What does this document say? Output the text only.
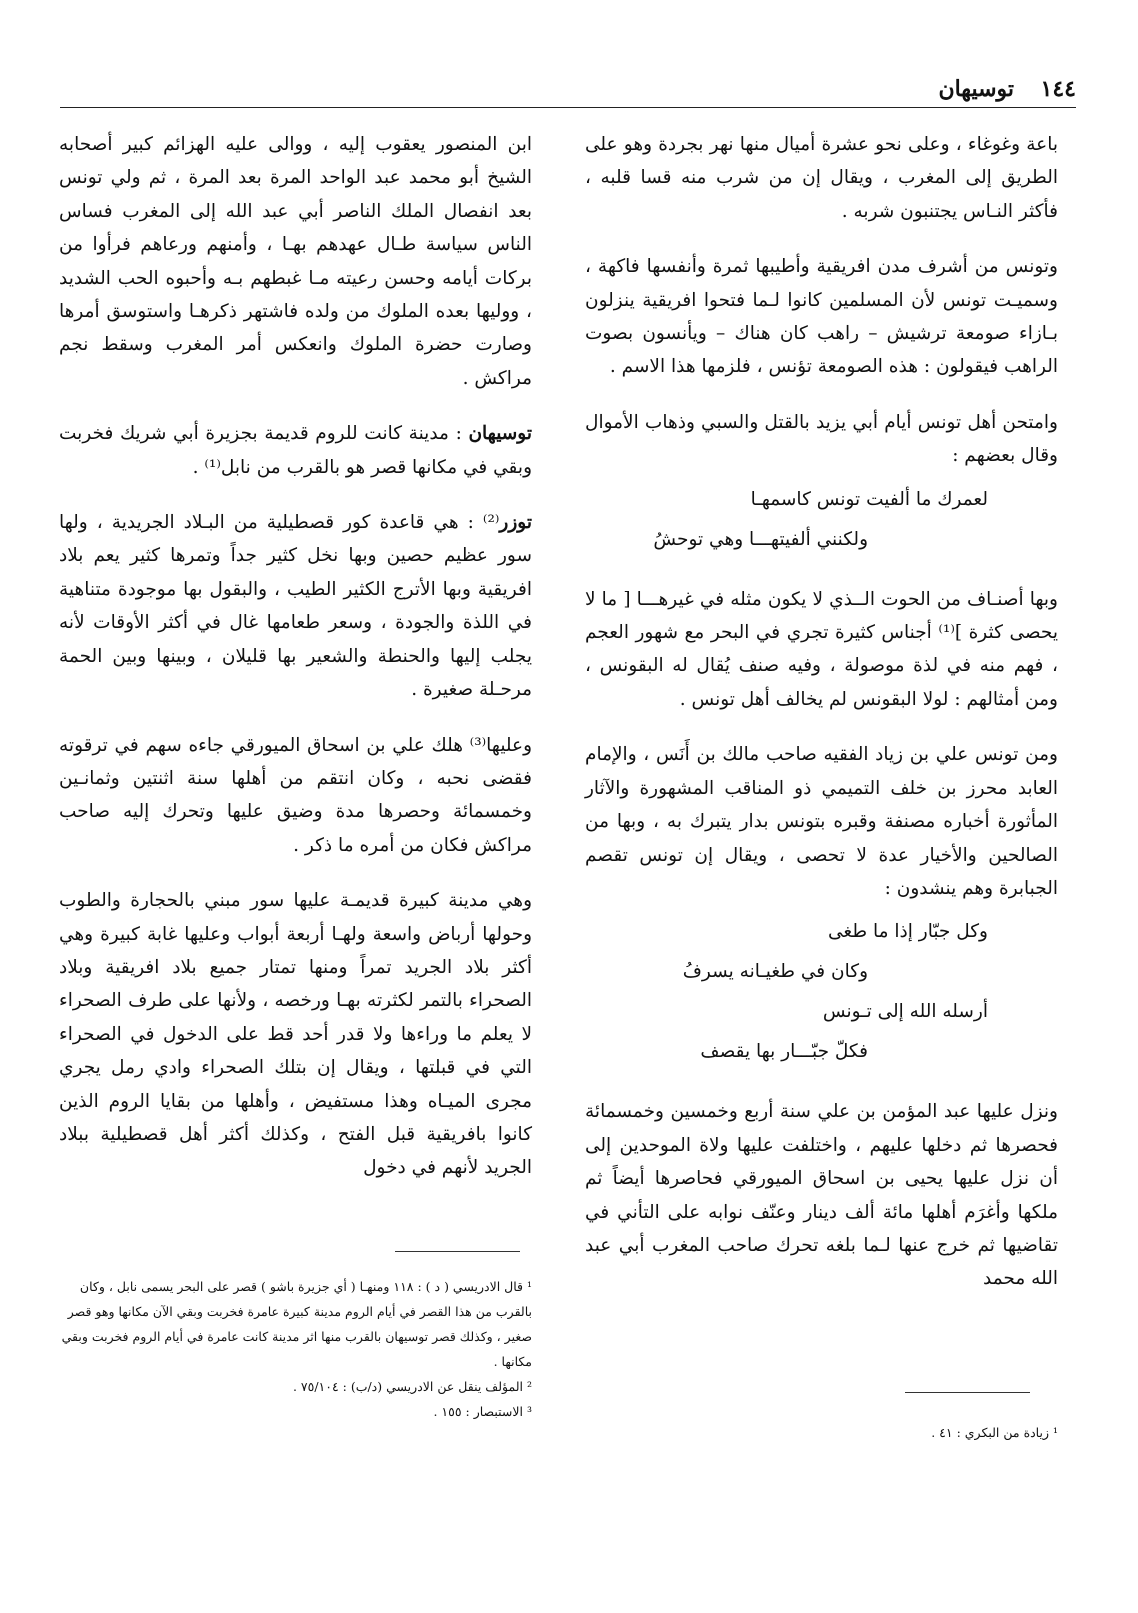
١٤٤
توسيهان

باعة وغوغاء ، وعلى نحو عشرة أميال منها نهر بجردة وهو على الطريق إلى المغرب ، ويقال إن من شرب منه قسا قلبه ، فأكثر النـاس يجتنبون شربه .

وتونس من أشرف مدن افريقية وأطيبها ثمرة وأنفسها فاكهة ، وسميـت تونس لأن المسلمين كانوا لـما فتحوا افريقية ينزلون بـازاء صومعة ترشيش – راهب كان هناك – ويأنسون بصوت الراهب فيقولون : هذه الصومعة تؤنس ، فلزمها هذا الاسم .

وامتحن أهل تونس أيام أبي يزيد بالقتل والسبي وذهاب الأموال وقال بعضهم :

لعمرك ما ألفيت تونس كاسمهـا
ولكنني ألفيتهـــا وهي توحشُ

وبها أصنـاف من الحوت الــذي لا يكون مثله في غيرهـــا [ ما لا يحصى كثرة ]⁽¹⁾ أجناس كثيرة تجري في البحر مع شهور العجم ، فهم منه في لذة موصولة ، وفيه صنف يُقال له البقونس ، ومن أمثالهم : لولا البقونس لم يخالف أهل تونس .

ومن تونس علي بن زياد الفقيه صاحب مالك بن أَنَس ، والإمام العابد محرز بن خلف التميمي ذو المناقب المشهورة والآثار المأثورة أخباره مصنفة وقبره بتونس بدار يتبرك به ، وبها من الصالحين والأخيار عدة لا تحصى ، ويقال إن تونس تقصم الجبابرة وهم ينشدون :

وكل جبّار إذا ما طغى
وكان في طغيـانه يسرفُ
أرسله الله إلى تـونس
فكلّ جبّـــار بها يقصف

ونزل عليها عبد المؤمن بن علي سنة أربع وخمسين وخمسمائة فحصرها ثم دخلها عليهم ، واختلفت عليها ولاة الموحدين إلى أن نزل عليها يحيى بن اسحاق الميورقي فحاصرها أيضاً ثم ملكها وأغرَم أهلها مائة ألف دينار وعنّف نوابه على التأني في تقاضيها ثم خرج عنها لـما بلغه تحرك صاحب المغرب أبي عبد الله محمد

ابن المنصور يعقوب إليه ، ووالى عليه الهزائم كبير أصحابه الشيخ أبو محمد عبد الواحد المرة بعد المرة ، ثم ولي تونس بعد انفصال الملك الناصر أبي عبد الله إلى المغرب فساس الناس سياسة طـال عهدهم بهـا ، وأمنهم ورعاهم فرأوا من بركات أيامه وحسن رعيته مـا غبطهم بـه وأحبوه الحب الشديد ، ووليها بعده الملوك من ولده فاشتهر ذكرهـا واستوسق أمرها وصارت حضرة الملوك وانعكس أمر المغرب وسقط نجم مراكش .

توسيهان : مدينة كانت للروم قديمة بجزيرة أبي شريك فخربت وبقي في مكانها قصر هو بالقرب من نابل⁽¹⁾ .

توزر⁽²⁾ : هي قاعدة كور قصطيلية من البـلاد الجريدية ، ولها سور عظيم حصين وبها نخل كثير جداً وتمرها كثير يعم بلاد افريقية وبها الأترج الكثير الطيب ، والبقول بها موجودة متناهية في اللذة والجودة ، وسعر طعامها غال في أكثر الأوقات لأنه يجلب إليها والحنطة والشعير بها قليلان ، وبينها وبين الحمة مرحـلة صغيرة .

وعليها⁽³⁾ هلك علي بن اسحاق الميورقي جاءه سهم في ترقوته فقضى نحبه ، وكان انتقم من أهلها سنة اثنتين وثمانـين وخمسمائة وحصرها مدة وضيق عليها وتحرك إليه صاحب مراكش فكان من أمره ما ذكر .

وهي مدينة كبيرة قديمـة عليها سور مبني بالحجارة والطوب وحولها أرباض واسعة ولهـا أربعة أبواب وعليها غابة كبيرة وهي أكثر بلاد الجريد تمراً ومنها تمتار جميع بلاد افريقية وبلاد الصحراء بالتمر لكثرته بهـا ورخصه ، ولأنها على طرف الصحراء لا يعلم ما وراءها ولا قدر أحد قط على الدخول في الصحراء التي في قبلتها ، ويقال إن بتلك الصحراء وادي رمل يجري مجرى الميـاه وهذا مستفيض ، وأهلها من بقايا الروم الذين كانوا بافريقية قبل الفتح ، وكذلك أكثر أهل قصطيلية ببلاد الجريد لأنهم في دخول

¹ قال الادريسي ( د ) : ١١٨ ومنهـا ( أي جزيرة باشو ) قصر على البحر يسمى نابل ، وكان بالقرب من هذا القصر في أيام الروم مدينة كبيرة عامرة فخربت وبقي الآن مكانها وهو قصر صغير ، وكذلك قصر توسيهان بالقرب منها اثر مدينة كانت عامرة في أيام الروم فخربت وبقي مكانها .

² المؤلف ينقل عن الادريسي (د/ب) : ٧٥/١٠٤ .

³ الاستبصار : ١٥٥ .

¹ زيادة من البكري : ٤١ .
